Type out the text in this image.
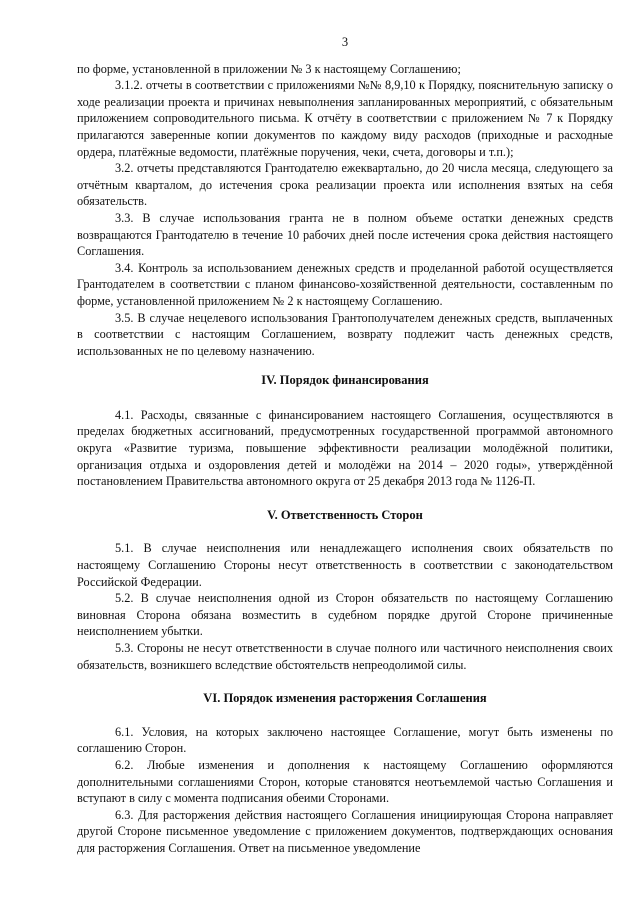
3

по форме, установленной в приложении № 3 к настоящему Соглашению;

3.1.2. отчеты в соответствии с приложениями №№ 8,9,10 к Порядку, пояснительную записку о ходе реализации проекта и причинах невыполнения запланированных мероприятий, с обязательным приложением сопроводительного письма. К отчёту в соответствии с приложением № 7 к Порядку прилагаются заверенные копии документов по каждому виду расходов (приходные и расходные ордера, платёжные ведомости, платёжные поручения, чеки, счета, договоры и т.п.);

3.2. отчеты представляются Грантодателю ежеквартально, до 20 числа месяца, следующего за отчётным кварталом, до истечения срока реализации проекта или исполнения взятых на себя обязательств.

3.3. В случае использования гранта не в полном объеме остатки денежных средств возвращаются Грантодателю в течение 10 рабочих дней после истечения срока действия настоящего Соглашения.

3.4. Контроль за использованием денежных средств и проделанной работой осуществляется Грантодателем в соответствии с планом финансово-хозяйственной деятельности, составленным по форме, установленной приложением № 2 к настоящему Соглашению.

3.5. В случае нецелевого использования Грантополучателем денежных средств, выплаченных в соответствии с настоящим Соглашением, возврату подлежит часть денежных средств, использованных не по целевому назначению.

IV. Порядок финансирования

4.1. Расходы, связанные с финансированием настоящего Соглашения, осуществляются в пределах бюджетных ассигнований, предусмотренных государственной программой автономного округа «Развитие туризма, повышение эффективности реализации молодёжной политики, организация отдыха и оздоровления детей и молодёжи на 2014 – 2020 годы», утверждённой постановлением Правительства автономного округа от 25 декабря 2013 года № 1126-П.

V. Ответственность Сторон

5.1. В случае неисполнения или ненадлежащего исполнения своих обязательств по настоящему Соглашению Стороны несут ответственность в соответствии с законодательством Российской Федерации.

5.2. В случае неисполнения одной из Сторон обязательств по настоящему Соглашению виновная Сторона обязана возместить в судебном порядке другой Стороне причиненные неисполнением убытки.

5.3. Стороны не несут ответственности в случае полного или частичного неисполнения своих обязательств, возникшего вследствие обстоятельств непреодолимой силы.

VI. Порядок изменения расторжения Соглашения

6.1. Условия, на которых заключено настоящее Соглашение, могут быть изменены по соглашению Сторон.

6.2. Любые изменения и дополнения к настоящему Соглашению оформляются дополнительными соглашениями Сторон, которые становятся неотъемлемой частью Соглашения и вступают в силу с момента подписания обеими Сторонами.

6.3. Для расторжения действия настоящего Соглашения инициирующая Сторона направляет другой Стороне письменное уведомление с приложением документов, подтверждающих основания для расторжения Соглашения. Ответ на письменное уведомление
